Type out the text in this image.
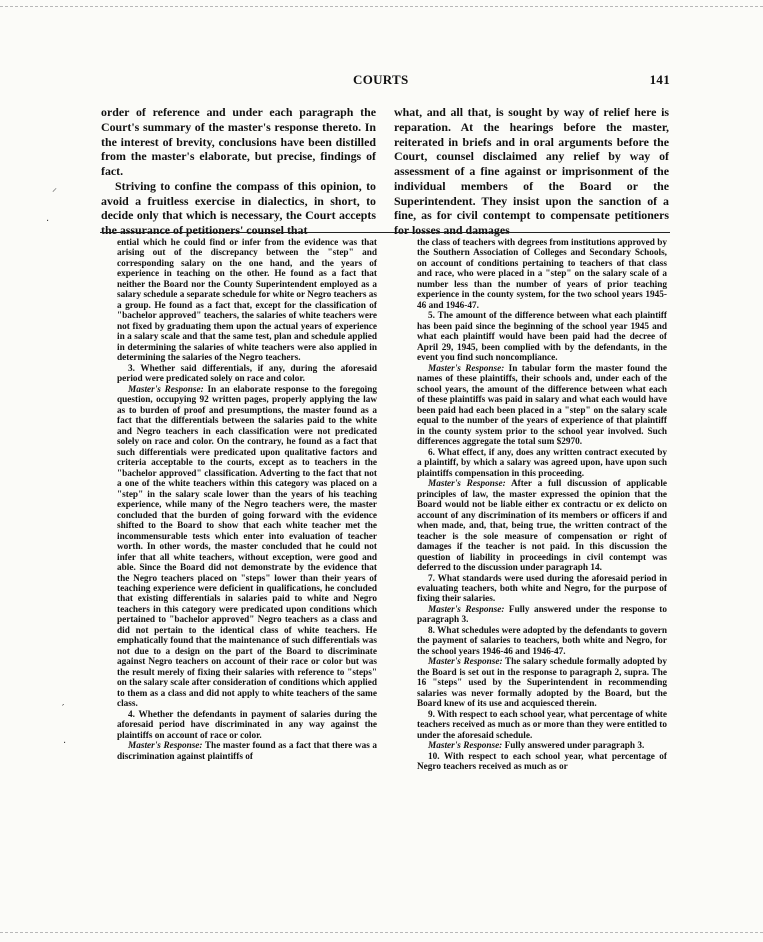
COURTS	141

order of reference and under each paragraph the Court's summary of the master's response thereto. In the interest of brevity, conclusions have been distilled from the master's elaborate, but precise, findings of fact.

Striving to confine the compass of this opinion, to avoid a fruitless exercise in dialectics, in short, to decide only that which is necessary, the Court accepts the assurance of petitioners' counsel that

what, and all that, is sought by way of relief here is reparation. At the hearings before the master, reiterated in briefs and in oral arguments before the Court, counsel disclaimed any relief by way of assessment of a fine against or imprisonment of the individual members of the Board or the Superintendent. They insist upon the sanction of a fine, as for civil contempt to compensate petitioners for losses and damages

ential which he could find or infer from the evidence was that arising out of the discrepancy between the "step" and corresponding salary on the one hand, and the years of experience in teaching on the other. He found as a fact that neither the Board nor the County Superintendent employed as a salary schedule a separate schedule for white or Negro teachers as a group. He found as a fact that, except for the classification of "bachelor approved" teachers, the salaries of white teachers were not fixed by graduating them upon the actual years of experience in a salary scale and that the same test, plan and schedule applied in determining the salaries of white teachers were also applied in determining the salaries of the Negro teachers.

3. Whether said differentials, if any, during the aforesaid period were predicated solely on race and color.

Master's Response: In an elaborate response to the foregoing question, occupying 92 written pages, properly applying the law as to burden of proof and presumptions, the master found as a fact that the differentials between the salaries paid to the white and Negro teachers in each classification were not predicated solely on race and color. On the contrary, he found as a fact that such differentials were predicated upon qualitative factors and criteria acceptable to the courts, except as to teachers in the "bachelor approved" classification. Adverting to the fact that not a one of the white teachers within this category was placed on a "step" in the salary scale lower than the years of his teaching experience, while many of the Negro teachers were, the master concluded that the burden of going forward with the evidence shifted to the Board to show that each white teacher met the incommensurable tests which enter into evaluation of teacher worth. In other words, the master concluded that he could not infer that all white teachers, without exception, were good and able. Since the Board did not demonstrate by the evidence that the Negro teachers placed on "steps" lower than their years of teaching experience were deficient in qualifications, he concluded that existing differentials in salaries paid to white and Negro teachers in this category were predicated upon conditions which pertained to "bachelor approved" Negro teachers as a class and did not pertain to the identical class of white teachers. He emphatically found that the maintenance of such differentials was not due to a design on the part of the Board to discriminate against Negro teachers on account of their race or color but was the result merely of fixing their salaries with reference to "steps" on the salary scale after consideration of conditions which applied to them as a class and did not apply to white teachers of the same class.

4. Whether the defendants in payment of salaries during the aforesaid period have discriminated in any way against the plaintiffs on account of race or color.

Master's Response: The master found as a fact that there was a discrimination against plaintiffs of

the class of teachers with degrees from institutions approved by the Southern Association of Colleges and Secondary Schools, on account of conditions pertaining to teachers of that class and race, who were placed in a "step" on the salary scale of a number less than the number of years of prior teaching experience in the county system, for the two school years 1945-46 and 1946-47.

5. The amount of the difference between what each plaintiff has been paid since the beginning of the school year 1945 and what each plaintiff would have been paid had the decree of April 29, 1945, been complied with by the defendants, in the event you find such noncompliance.

Master's Response: In tabular form the master found the names of these plaintiffs, their schools and, under each of the school years, the amount of the difference between what each of these plaintiffs was paid in salary and what each would have been paid had each been placed in a "step" on the salary scale equal to the number of the years of experience of that plaintiff in the county system prior to the school year involved. Such differences aggregate the total sum $2970.

6. What effect, if any, does any written contract executed by a plaintiff, by which a salary was agreed upon, have upon such plaintiffs compensation in this proceeding.

Master's Response: After a full discussion of applicable principles of law, the master expressed the opinion that the Board would not be liable either ex contractu or ex delicto on account of any discrimination of its members or officers if and when made, and, that, being true, the written contract of the teacher is the sole measure of compensation or right of damages if the teacher is not paid. In this discussion the question of liability in proceedings in civil contempt was deferred to the discussion under paragraph 14.

7. What standards were used during the aforesaid period in evaluating teachers, both white and Negro, for the purpose of fixing their salaries.

Master's Response: Fully answered under the response to paragraph 3.

8. What schedules were adopted by the defendants to govern the payment of salaries to teachers, both white and Negro, for the school years 1946-46 and 1946-47.

Master's Response: The salary schedule formally adopted by the Board is set out in the response to paragraph 2, supra. The 16 "steps" used by the Superintendent in recommending salaries was never formally adopted by the Board, but the Board knew of its use and acquiesced therein.

9. With respect to each school year, what percentage of white teachers received as much as or more than they were entitled to under the aforesaid schedule.

Master's Response: Fully answered under paragraph 3.

10. With respect to each school year, what percentage of Negro teachers received as much as or

⸝
·
′
·
